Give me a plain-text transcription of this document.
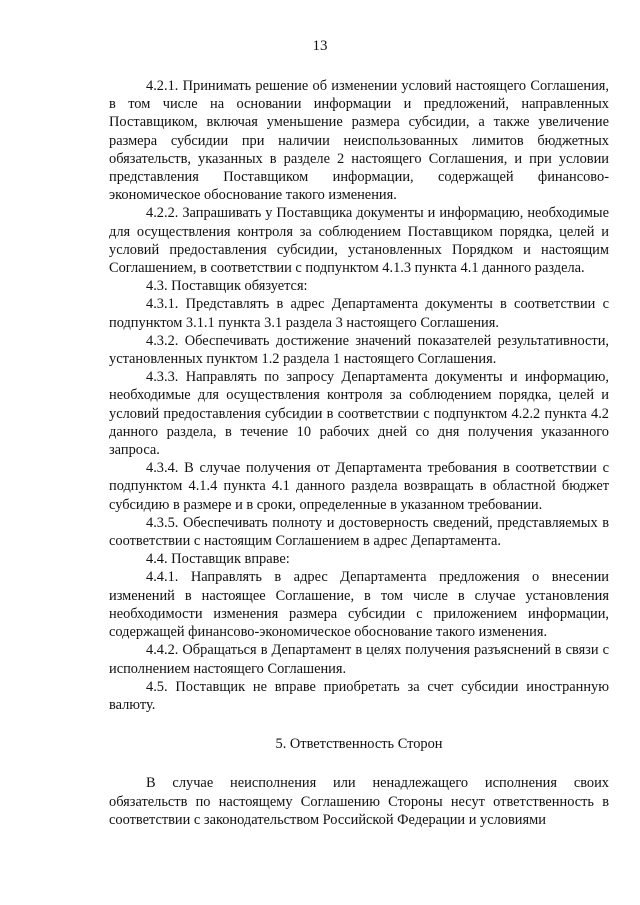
13

4.2.1. Принимать решение об изменении условий настоящего Соглашения, в том числе на основании информации и предложений, направленных Поставщиком, включая уменьшение размера субсидии, а также увеличение размера субсидии при наличии неиспользованных лимитов бюджетных обязательств, указанных в разделе 2 настоящего Соглашения, и при условии представления Поставщиком информации, содержащей финансово-экономическое обоснование такого изменения.

4.2.2. Запрашивать у Поставщика документы и информацию, необходимые для осуществления контроля за соблюдением Поставщиком порядка, целей и условий предоставления субсидии, установленных Порядком и настоящим Соглашением, в соответствии с подпунктом 4.1.3 пункта 4.1 данного раздела.

4.3. Поставщик обязуется:

4.3.1. Представлять в адрес Департамента документы в соответствии с подпунктом 3.1.1 пункта 3.1 раздела 3 настоящего Соглашения.

4.3.2. Обеспечивать достижение значений показателей результативности, установленных пунктом 1.2 раздела 1 настоящего Соглашения.

4.3.3. Направлять по запросу Департамента документы и информацию, необходимые для осуществления контроля за соблюдением порядка, целей и условий предоставления субсидии в соответствии с подпунктом 4.2.2 пункта 4.2 данного раздела, в течение 10 рабочих дней со дня получения указанного запроса.

4.3.4. В случае получения от Департамента требования в соответствии с подпунктом 4.1.4 пункта 4.1 данного раздела возвращать в областной бюджет субсидию в размере и в сроки, определенные в указанном требовании.

4.3.5. Обеспечивать полноту и достоверность сведений, представляемых в соответствии с настоящим Соглашением в адрес Департамента.

4.4. Поставщик вправе:

4.4.1. Направлять в адрес Департамента предложения о внесении изменений в настоящее Соглашение, в том числе в случае установления необходимости изменения размера субсидии с приложением информации, содержащей финансово-экономическое обоснование такого изменения.

4.4.2. Обращаться в Департамент в целях получения разъяснений в связи с исполнением настоящего Соглашения.

4.5. Поставщик не вправе приобретать за счет субсидии иностранную валюту.

5. Ответственность Сторон

В случае неисполнения или ненадлежащего исполнения своих обязательств по настоящему Соглашению Стороны несут ответственность в соответствии с законодательством Российской Федерации и условиями
